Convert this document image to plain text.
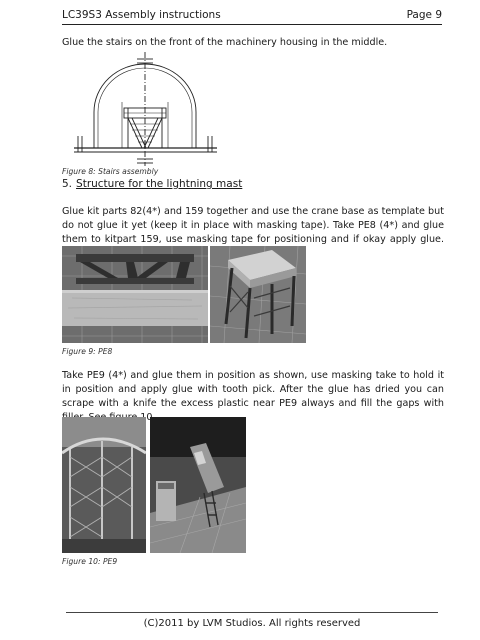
LC39S3 Assembly instructions	Page 9
Glue the stairs on the front of the machinery housing in the middle.
Figure 8: Stairs assembly
5. Structure for the lightning mast
Glue kit parts 82(4*) and 159 together and use the crane base as template but do not glue it yet (keep it in place with masking tape). Take PE8 (4*) and glue them to kitpart 159, use masking tape for positioning and if okay apply glue.
Figure 9: PE8
Take PE9 (4*) and glue them in position as shown, use masking take to hold it in position and apply glue with tooth pick. After the glue has dried you can scrape with a knife the excess plastic near PE9 always and fill the gaps with 10.
Figure 10: PE9
(C)2011 by LVM Studios. All rights reserved
